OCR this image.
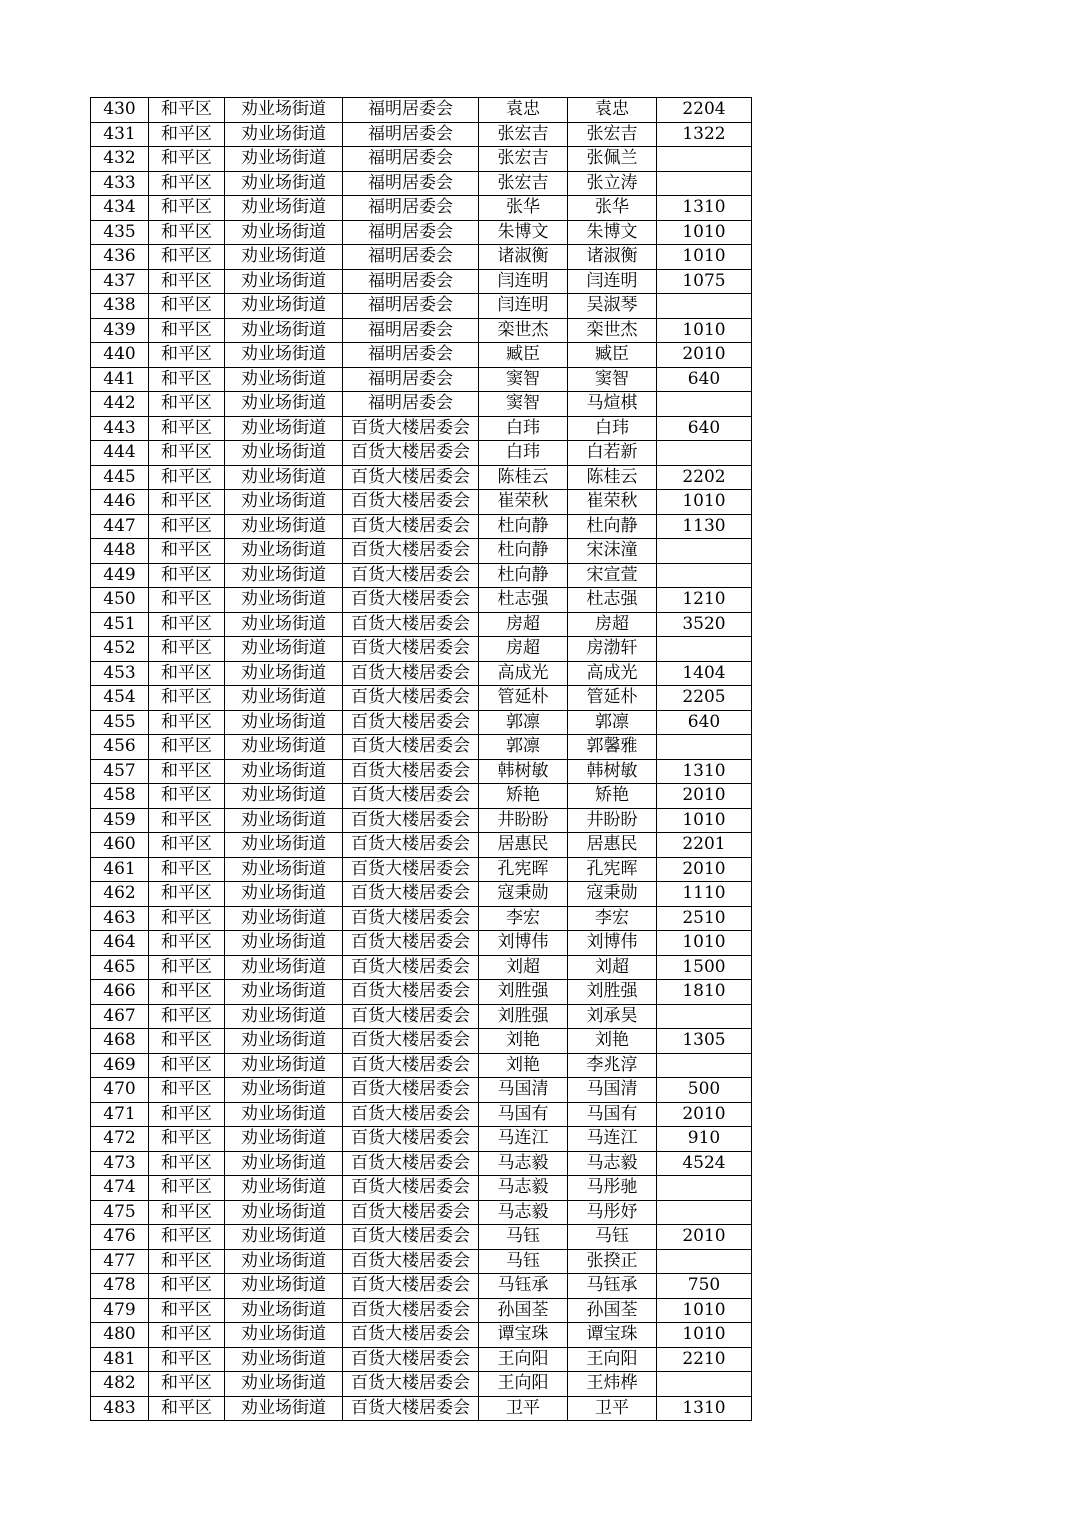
430	和平区	劝业场街道	福明居委会	袁忠	袁忠	2204
431	和平区	劝业场街道	福明居委会	张宏吉	张宏吉	1322
432	和平区	劝业场街道	福明居委会	张宏吉	张佩兰	
433	和平区	劝业场街道	福明居委会	张宏吉	张立涛	
434	和平区	劝业场街道	福明居委会	张华	张华	1310
435	和平区	劝业场街道	福明居委会	朱博文	朱博文	1010
436	和平区	劝业场街道	福明居委会	诸淑衡	诸淑衡	1010
437	和平区	劝业场街道	福明居委会	闫连明	闫连明	1075
438	和平区	劝业场街道	福明居委会	闫连明	吴淑琴	
439	和平区	劝业场街道	福明居委会	栾世杰	栾世杰	1010
440	和平区	劝业场街道	福明居委会	臧臣	臧臣	2010
441	和平区	劝业场街道	福明居委会	窦智	窦智	640
442	和平区	劝业场街道	福明居委会	窦智	马煊棋	
443	和平区	劝业场街道	百货大楼居委会	白玮	白玮	640
444	和平区	劝业场街道	百货大楼居委会	白玮	白若新	
445	和平区	劝业场街道	百货大楼居委会	陈桂云	陈桂云	2202
446	和平区	劝业场街道	百货大楼居委会	崔荣秋	崔荣秋	1010
447	和平区	劝业场街道	百货大楼居委会	杜向静	杜向静	1130
448	和平区	劝业场街道	百货大楼居委会	杜向静	宋沫潼	
449	和平区	劝业场街道	百货大楼居委会	杜向静	宋宣萱	
450	和平区	劝业场街道	百货大楼居委会	杜志强	杜志强	1210
451	和平区	劝业场街道	百货大楼居委会	房超	房超	3520
452	和平区	劝业场街道	百货大楼居委会	房超	房渤轩	
453	和平区	劝业场街道	百货大楼居委会	高成光	高成光	1404
454	和平区	劝业场街道	百货大楼居委会	管延朴	管延朴	2205
455	和平区	劝业场街道	百货大楼居委会	郭凛	郭凛	640
456	和平区	劝业场街道	百货大楼居委会	郭凛	郭馨雅	
457	和平区	劝业场街道	百货大楼居委会	韩树敏	韩树敏	1310
458	和平区	劝业场街道	百货大楼居委会	矫艳	矫艳	2010
459	和平区	劝业场街道	百货大楼居委会	井盼盼	井盼盼	1010
460	和平区	劝业场街道	百货大楼居委会	居惠民	居惠民	2201
461	和平区	劝业场街道	百货大楼居委会	孔宪晖	孔宪晖	2010
462	和平区	劝业场街道	百货大楼居委会	寇秉勋	寇秉勋	1110
463	和平区	劝业场街道	百货大楼居委会	李宏	李宏	2510
464	和平区	劝业场街道	百货大楼居委会	刘博伟	刘博伟	1010
465	和平区	劝业场街道	百货大楼居委会	刘超	刘超	1500
466	和平区	劝业场街道	百货大楼居委会	刘胜强	刘胜强	1810
467	和平区	劝业场街道	百货大楼居委会	刘胜强	刘承昊	
468	和平区	劝业场街道	百货大楼居委会	刘艳	刘艳	1305
469	和平区	劝业场街道	百货大楼居委会	刘艳	李兆淳	
470	和平区	劝业场街道	百货大楼居委会	马国清	马国清	500
471	和平区	劝业场街道	百货大楼居委会	马国有	马国有	2010
472	和平区	劝业场街道	百货大楼居委会	马连江	马连江	910
473	和平区	劝业场街道	百货大楼居委会	马志毅	马志毅	4524
474	和平区	劝业场街道	百货大楼居委会	马志毅	马彤驰	
475	和平区	劝业场街道	百货大楼居委会	马志毅	马彤妤	
476	和平区	劝业场街道	百货大楼居委会	马钰	马钰	2010
477	和平区	劝业场街道	百货大楼居委会	马钰	张揆正	
478	和平区	劝业场街道	百货大楼居委会	马钰承	马钰承	750
479	和平区	劝业场街道	百货大楼居委会	孙国荃	孙国荃	1010
480	和平区	劝业场街道	百货大楼居委会	谭宝珠	谭宝珠	1010
481	和平区	劝业场街道	百货大楼居委会	王向阳	王向阳	2210
482	和平区	劝业场街道	百货大楼居委会	王向阳	王炜桦	
483	和平区	劝业场街道	百货大楼居委会	卫平	卫平	1310
